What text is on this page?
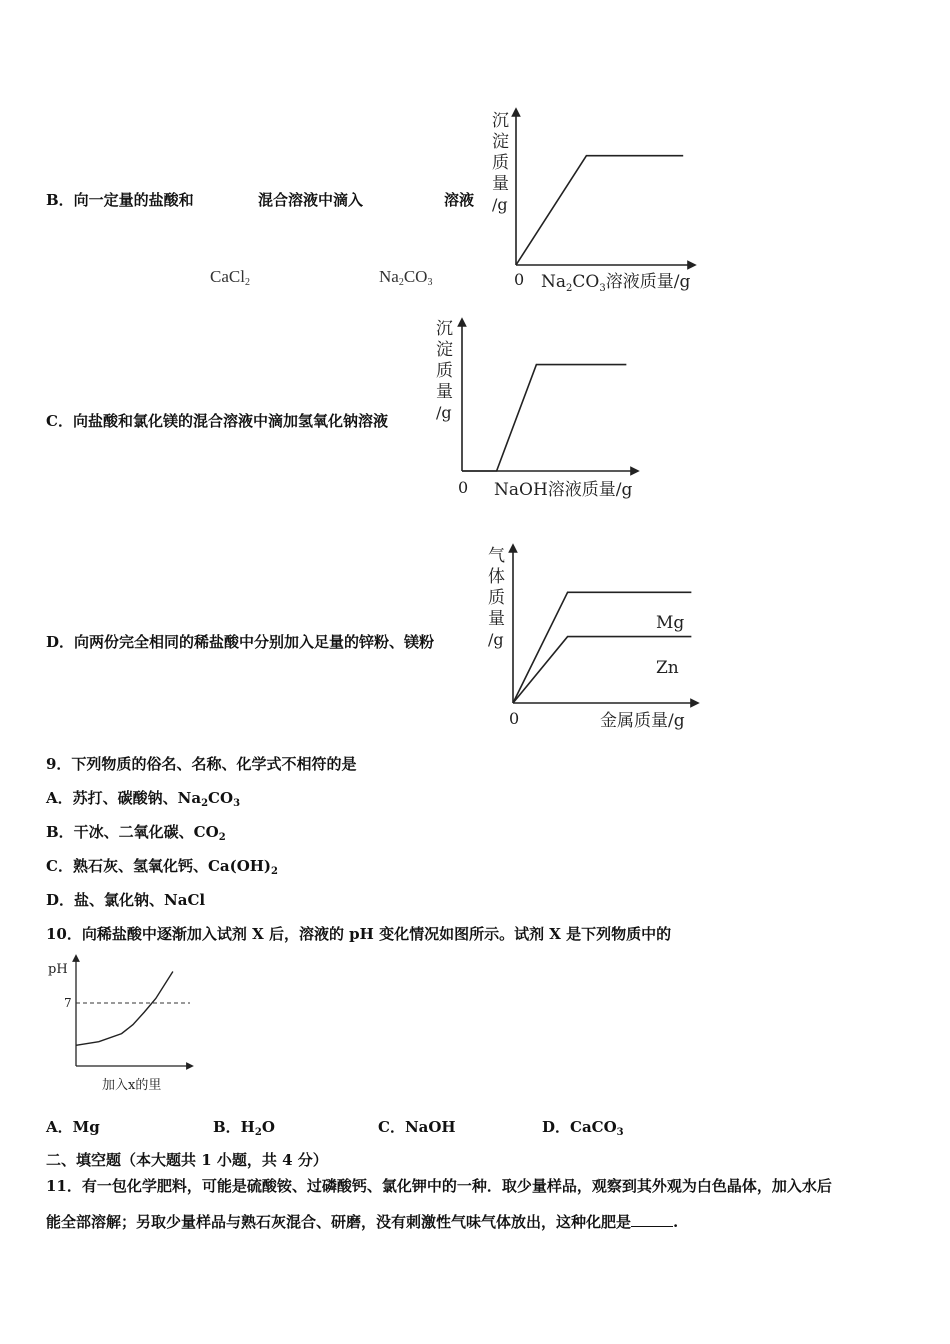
B．向一定量的盐酸和	混合溶液中滴入	溶液
CaCl$_2$	$Na_2CO_3$
沉
淀
质
量
/g
0 $Na_2CO_3$溶液质量/g
C．向盐酸和氯化镁的混合溶液中滴加氢氧化钠溶液
沉
淀
质
量
/g
0 NaOH溶液质量/g
D．向两份完全相同的稀盐酸中分别加入足量的锌粉、镁粉
气
体
质
量
/g
0	金属质量/g
Mg
Zn
9．下列物质的俗名、名称、化学式不相符的是
A．苏打、碳酸钠、$Na_2CO_3$
B．干冰、二氧化碳、$CO_2$
C．熟石灰、氢氧化钙、$Ca(OH)_2$
D．盐、氯化钠、NaCl
10．向稀盐酸中逐渐加入试剂 X 后，溶液的 pH 变化情况如图所示。试剂 X 是下列物质中的
pH
7
加入x的里
A．Mg	B．$H_2O$	C．NaOH	D．CaCO$_3$
二、填空题（本大题共 1 小题，共 4 分）
11．有一包化学肥料，可能是硫酸铵、过磷酸钙、氯化钾中的一种．取少量样品，观察到其外观为白色晶体，加入水后
能全部溶解；另取少量样品与熟石灰混合、研磨，没有刺激性气味气体放出，这种化肥是	.
